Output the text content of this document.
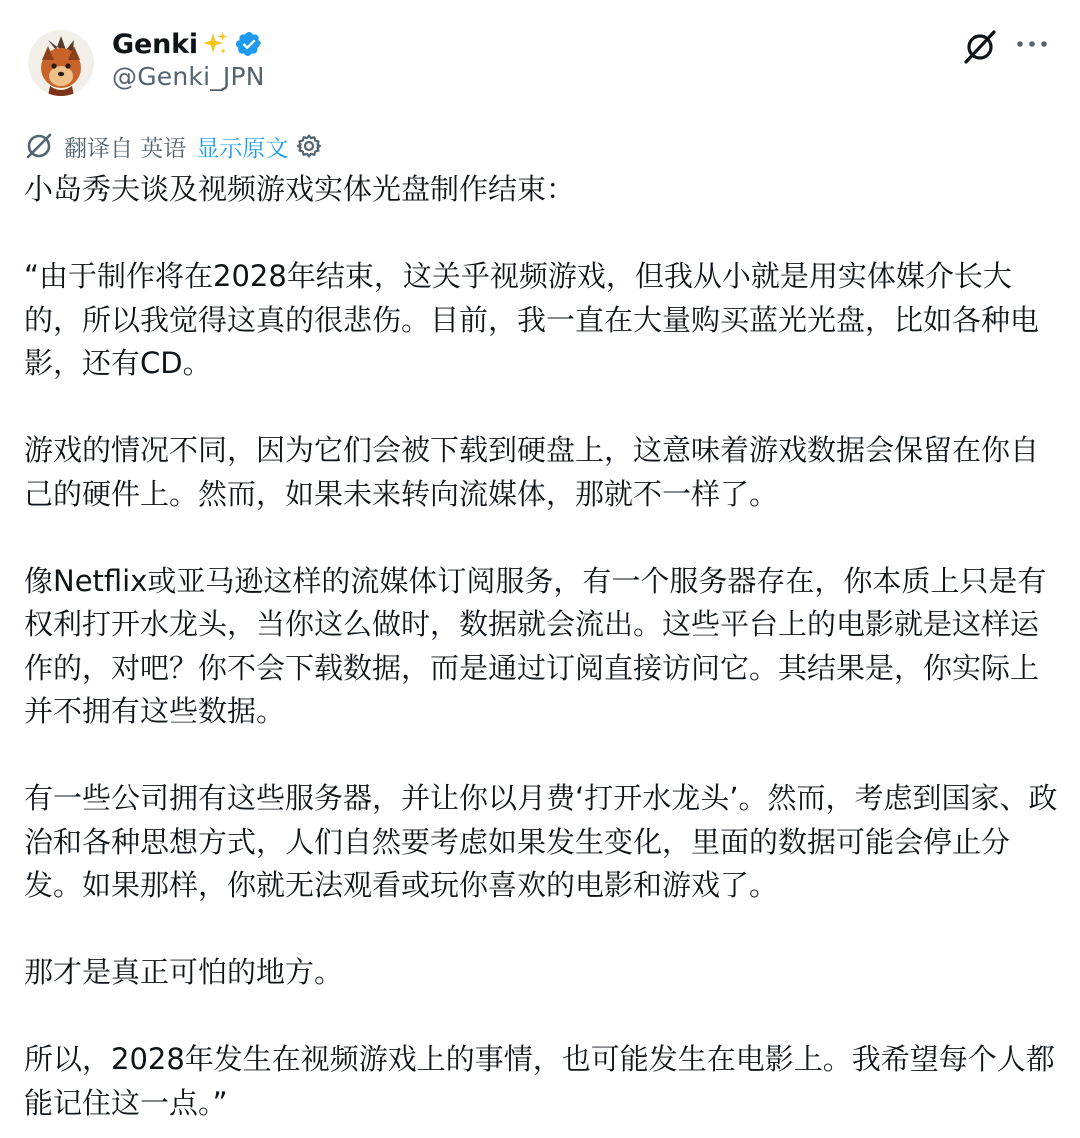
Genki
@Genki_JPN
翻译自 英语 显示原文

小岛秀夫谈及视频游戏实体光盘制作结束：

“由于制作将在2028年结束，这关乎视频游戏，但我从小就是用实体媒介长大的，所以我觉得这真的很悲伤。目前，我一直在大量购买蓝光光盘，比如各种电影，还有CD。

游戏的情况不同，因为它们会被下载到硬盘上，这意味着游戏数据会保留在你自己的硬件上。然而，如果未来转向流媒体，那就不一样了。

像Netflix或亚马逊这样的流媒体订阅服务，有一个服务器存在，你本质上只是有权利打开水龙头，当你这么做时，数据就会流出。这些平台上的电影就是这样运作的，对吧？你不会下载数据，而是通过订阅直接访问它。其结果是，你实际上并不拥有这些数据。

有一些公司拥有这些服务器，并让你以月费‘打开水龙头’。然而，考虑到国家、政治和各种思想方式，人们自然要考虑如果发生变化，里面的数据可能会停止分发。如果那样，你就无法观看或玩你喜欢的电影和游戏了。

那才是真正可怕的地方。

所以，2028年发生在视频游戏上的事情，也可能发生在电影上。我希望每个人都能记住这一点。”
